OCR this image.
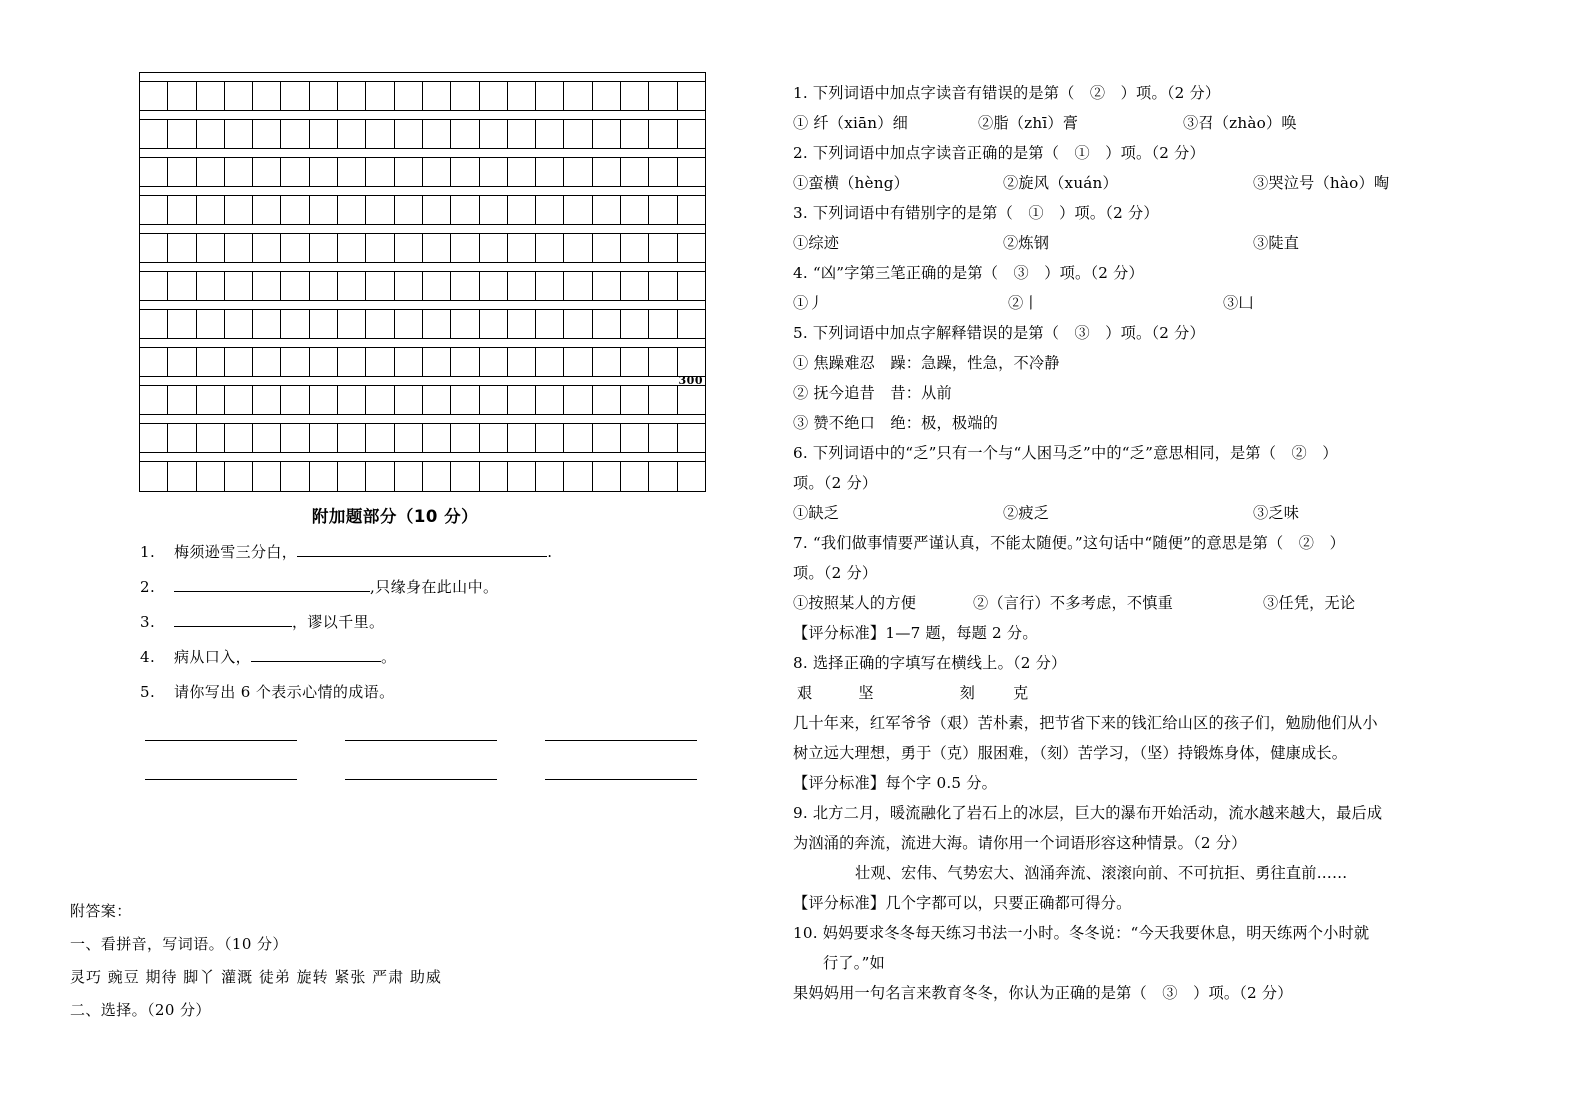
300
附加题部分（10 分）
1.	梅须逊雪三分白，	.
2.	,只缘身在此山中。
3.	，谬以千里。
4.	病从口入，	。
5.	请你写出 6 个表示心情的成语。
附答案：
一、看拼音，写词语。（10 分）
灵巧 豌豆 期待 脚丫 灌溉 徒弟 旋转 紧张 严肃 助威
二、选择。（20 分）
1. 下列词语中加点字读音有错误的是第（　②　）项。（2 分）
① 纤（xiān）细	②脂（zhī）膏	③召（zhào）唤
2. 下列词语中加点字读音正确的是第（　①　）项。（2 分）
①蛮横（hèng）	②旋风（xuán）	③哭泣号（hào）啕
3. 下列词语中有错别字的是第（　①　）项。（2 分）
①综迹	②炼钢	③陡直
4. “凶”字第三笔正确的是第（　③　）项。（2 分）
①丿	②丨	③凵
5. 下列词语中加点字解释错误的是第（　③　）项。（2 分）
① 焦躁难忍　躁：急躁，性急，不冷静
② 抚今追昔　昔：从前
③ 赞不绝口　绝：极，极端的
6. 下列词语中的“乏”只有一个与“人困马乏”中的“乏”意思相同，是第（　②　）
项。（2 分）
①缺乏	②疲乏	③乏味
7. “我们做事情要严谨认真，不能太随便。”这句话中“随便”的意思是第（　②　）
项。（2 分）
①按照某人的方便	②（言行）不多考虑，不慎重	③任凭，无论
【评分标准】1—7 题，每题 2 分。
8. 选择正确的字填写在横线上。（2 分）
艰	坚	刻 克
几十年来，红军爷爷（艰）苦朴素，把节省下来的钱汇给山区的孩子们，勉励他们从小
树立远大理想，勇于（克）服困难，（刻）苦学习，（坚）持锻炼身体，健康成长。
【评分标准】每个字 0.5 分。
9. 北方二月，暖流融化了岩石上的冰层，巨大的瀑布开始活动，流水越来越大，最后成
为汹涌的奔流，流进大海。请你用一个词语形容这种情景。（2 分）
壮观、宏伟、气势宏大、汹涌奔流、滚滚向前、不可抗拒、勇往直前……
【评分标准】几个字都可以，只要正确都可得分。
10. 妈妈要求冬冬每天练习书法一小时。冬冬说：“今天我要休息，明天练两个小时就
行了。”如
果妈妈用一句名言来教育冬冬，你认为正确的是第（　③　）项。（2 分）
